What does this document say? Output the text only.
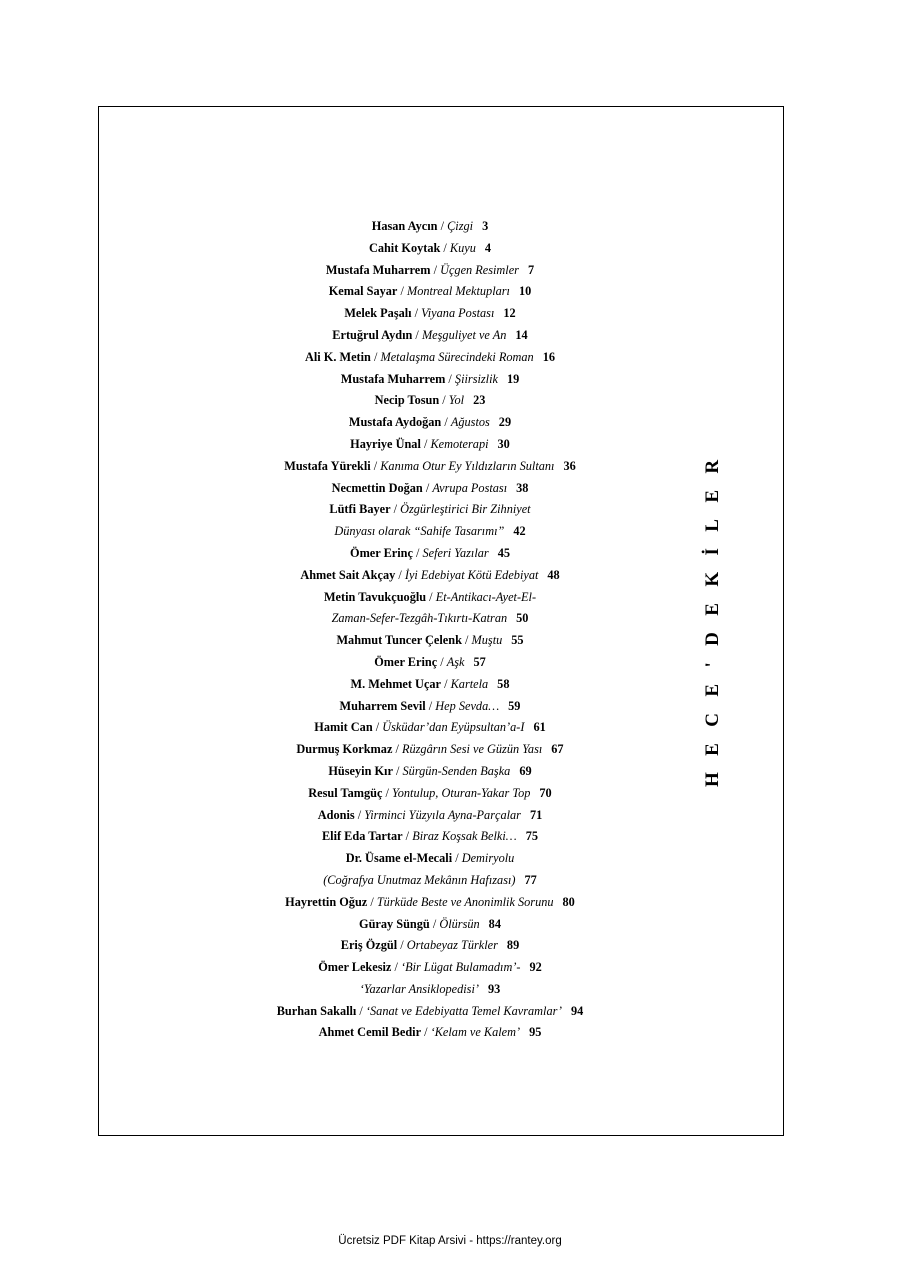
Hasan Aycın / Çizgi 3
Cahit Koytak / Kuyu 4
Mustafa Muharrem / Üçgen Resimler 7
Kemal Sayar / Montreal Mektupları 10
Melek Paşalı / Viyana Postası 12
Ertuğrul Aydın / Meşguliyet ve An 14
Ali K. Metin / Metalaşma Sürecindeki Roman 16
Mustafa Muharrem / Şiirsizlik 19
Necip Tosun / Yol 23
Mustafa Aydoğan / Ağustos 29
Hayriye Ünal / Kemoterapi 30
Mustafa Yürekli / Kanıma Otur Ey Yıldızların Sultanı 36
Necmettin Doğan / Avrupa Postası 38
Lütfi Bayer / Özgürleştirici Bir Zihniyet
Dünyası olarak “Sahife Tasarımı” 42
Ömer Erinç / Seferi Yazılar 45
Ahmet Sait Akçay / İyi Edebiyat Kötü Edebiyat 48
Metin Tavukçuoğlu / Et-Antikacı-Ayet-El-
Zaman-Sefer-Tezgâh-Tıkırtı-Katran 50
Mahmut Tuncer Çelenk / Muştu 55
Ömer Erinç / Aşk 57
M. Mehmet Uçar / Kartela 58
Muharrem Sevil / Hep Sevda… 59
Hamit Can / Üsküdar’dan Eyüpsultan’a-I 61
Durmuş Korkmaz / Rüzgârın Sesi ve Güzün Yası 67
Hüseyin Kır / Sürgün-Senden Başka 69
Resul Tamgüç / Yontulup, Oturan-Yakar Top 70
Adonis / Yirminci Yüzyıla Ayna-Parçalar 71
Elif Eda Tartar / Biraz Koşsak Belki… 75
Dr. Üsame el-Mecali / Demiryolu
(Coğrafya Unutmaz Mekânın Hafızası) 77
Hayrettin Oğuz / Türküde Beste ve Anonimlik Sorunu 80
Güray Süngü / Ölürsün 84
Eriş Özgül / Ortabeyaz Türkler 89
Ömer Lekesiz / ‘Bir Lügat Bulamadım’- 92
‘Yazarlar Ansiklopedisi’ 93
Burhan Sakallı / ‘Sanat ve Edebiyatta Temel Kavramlar’ 94
Ahmet Cemil Bedir / ‘Kelam ve Kalem’ 95
HECE'DEKİLER
Ücretsiz PDF Kitap Arsivi - https://rantey.org
